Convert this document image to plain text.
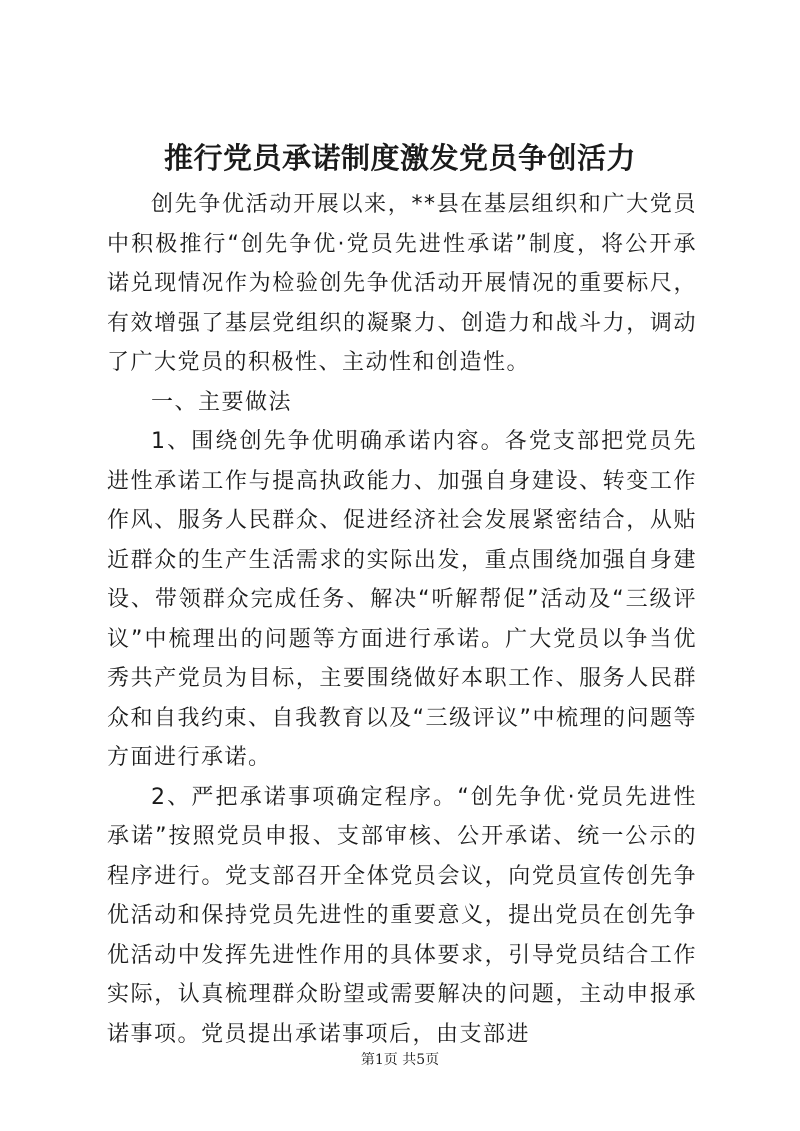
推行党员承诺制度激发党员争创活力

创先争优活动开展以来，**县在基层组织和广大党员中积极推行“创先争优·党员先进性承诺”制度，将公开承诺兑现情况作为检验创先争优活动开展情况的重要标尺，有效增强了基层党组织的凝聚力、创造力和战斗力，调动了广大党员的积极性、主动性和创造性。

一、主要做法

1、围绕创先争优明确承诺内容。各党支部把党员先进性承诺工作与提高执政能力、加强自身建设、转变工作作风、服务人民群众、促进经济社会发展紧密结合，从贴近群众的生产生活需求的实际出发，重点围绕加强自身建设、带领群众完成任务、解决“听解帮促”活动及“三级评议”中梳理出的问题等方面进行承诺。广大党员以争当优秀共产党员为目标，主要围绕做好本职工作、服务人民群众和自我约束、自我教育以及“三级评议”中梳理的问题等方面进行承诺。

2、严把承诺事项确定程序。“创先争优·党员先进性承诺”按照党员申报、支部审核、公开承诺、统一公示的程序进行。党支部召开全体党员会议，向党员宣传创先争优活动和保持党员先进性的重要意义，提出党员在创先争优活动中发挥先进性作用的具体要求，引导党员结合工作实际，认真梳理群众盼望或需要解决的问题，主动申报承诺事项。党员提出承诺事项后，由支部进

第1页 共5页
